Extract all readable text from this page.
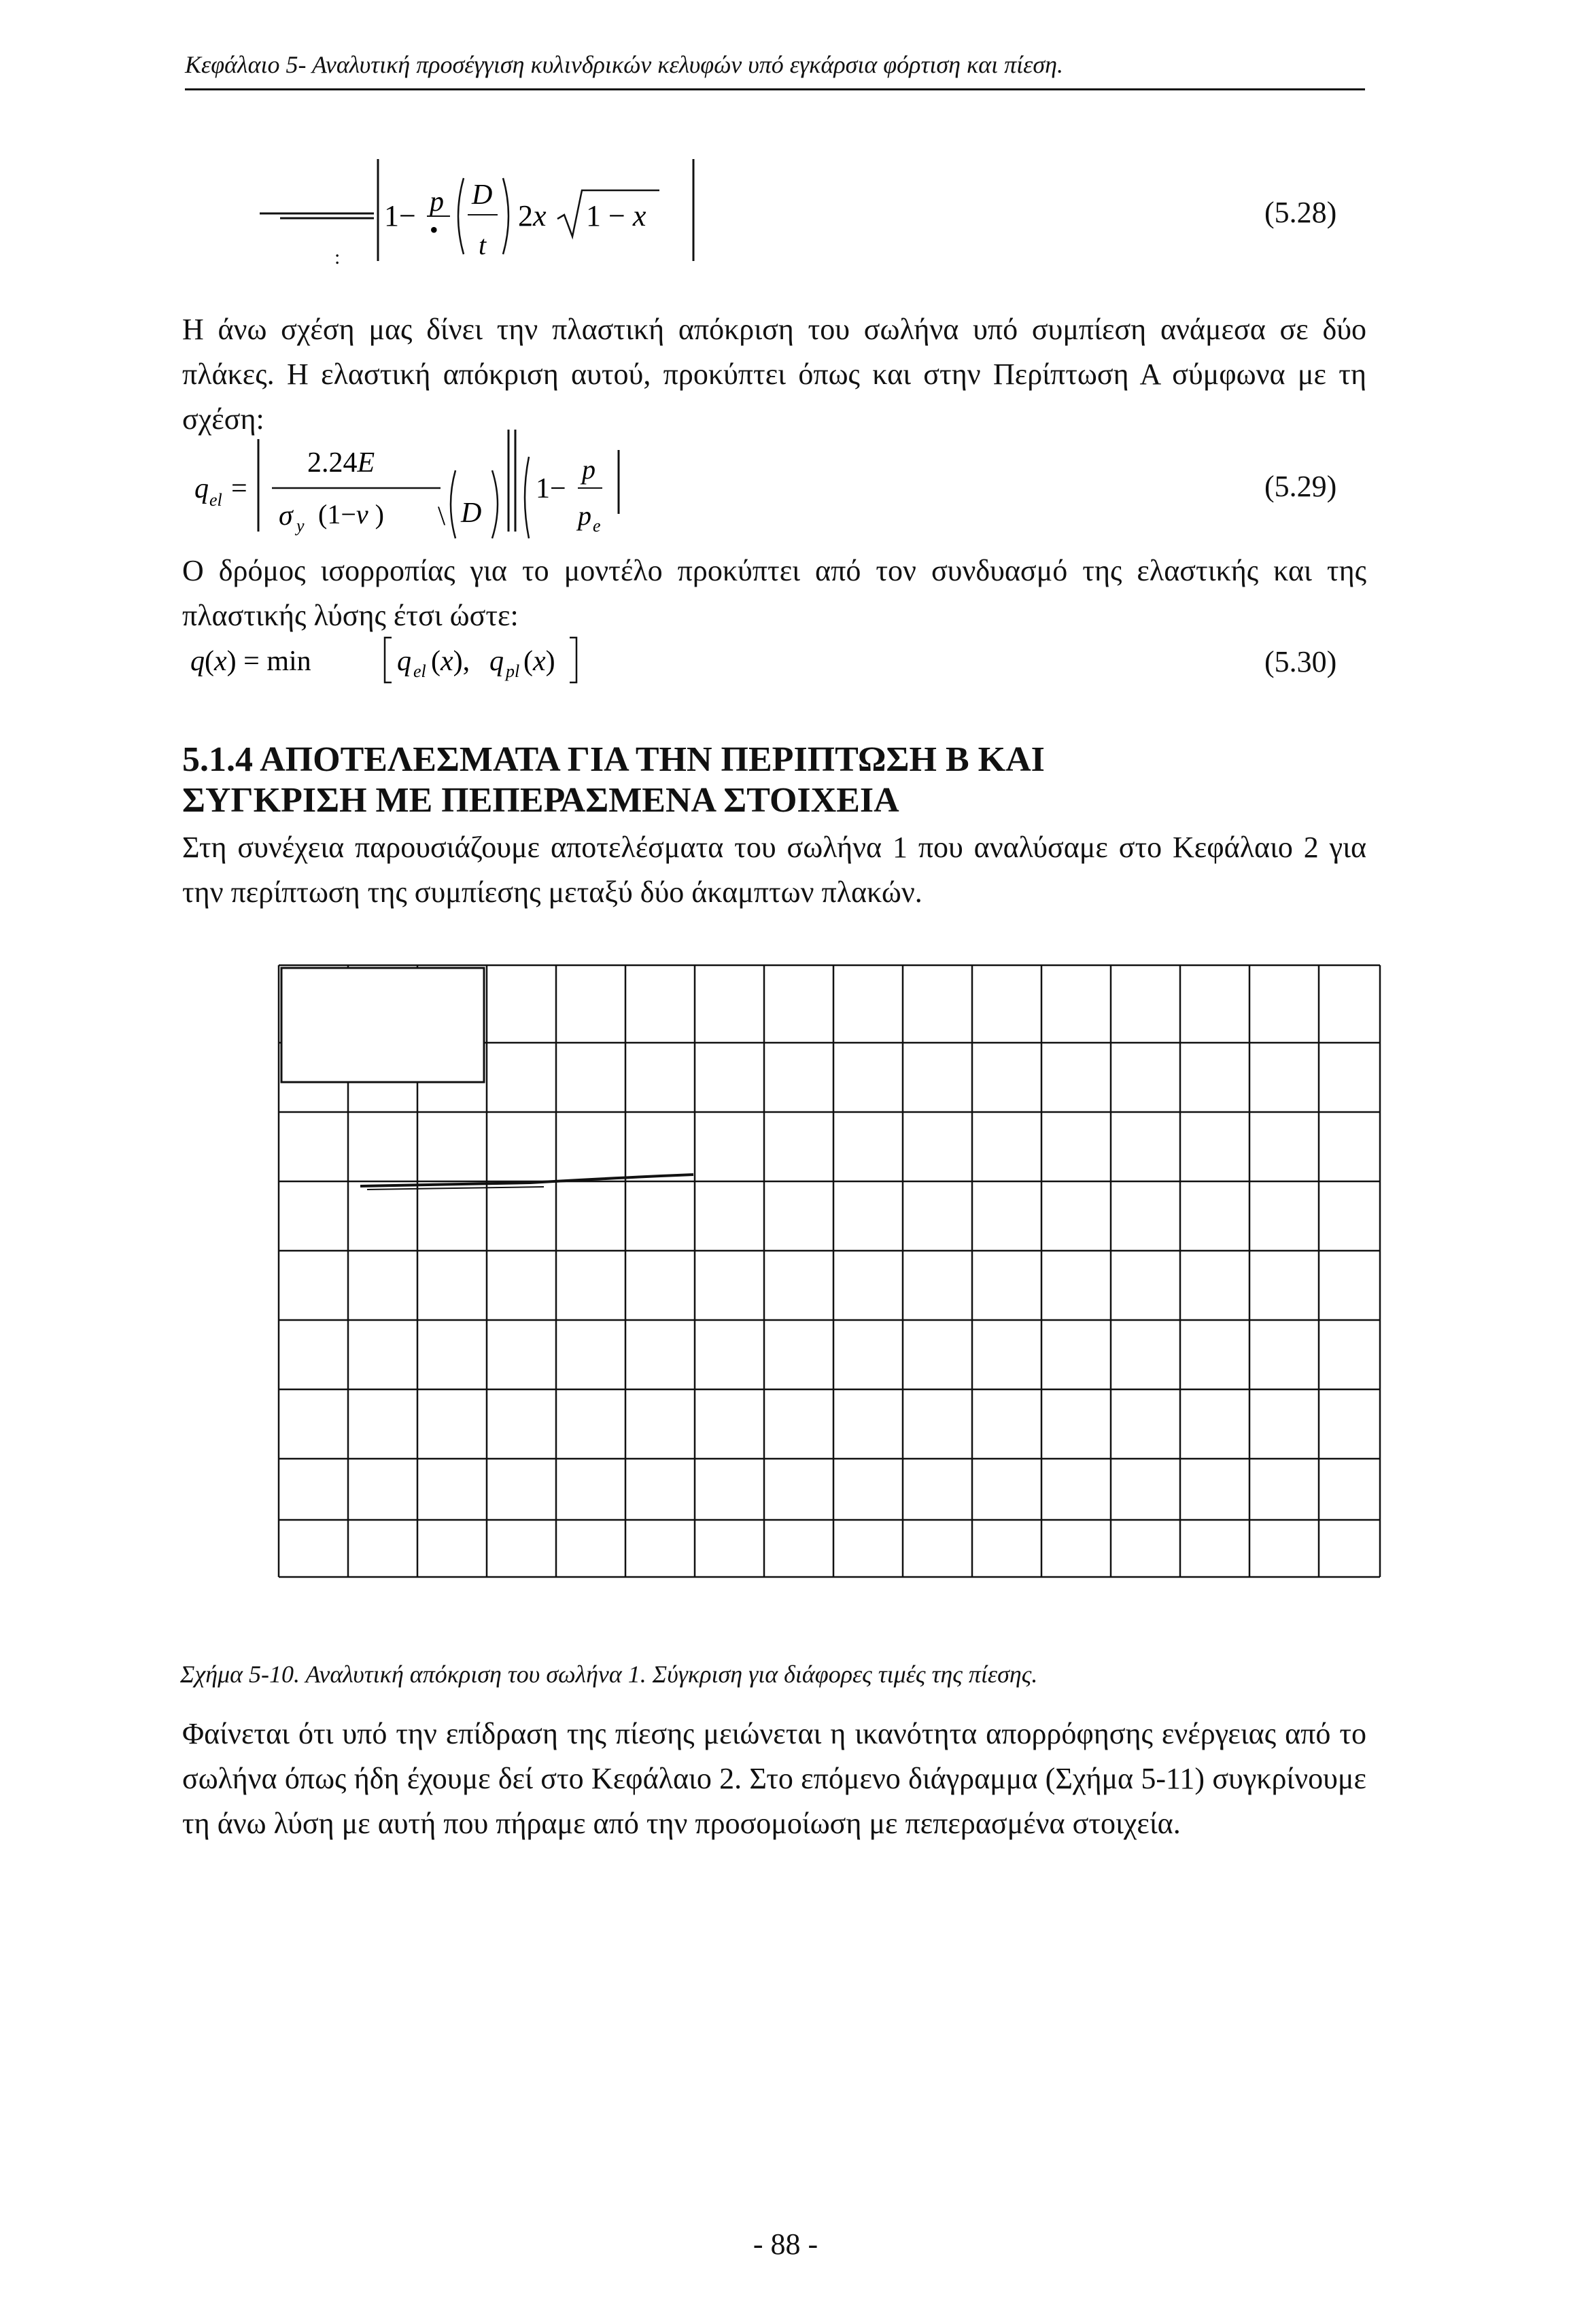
Κεφάλαιο 5- Αναλυτική προσέγγιση κυλινδρικών κελυφών υπό εγκάρσια φόρτιση και πίεση.
1− p
•
D
t
2x 1 − x
:
(5.28)
Η άνω σχέση μας δίνει την πλαστική απόκριση του σωλήνα υπό συμπίεση ανάμεσα σε δύο πλάκες. Η ελαστική απόκριση αυτού, προκύπτει όπως και στην Περίπτωση Α σύμφωνα με τη σχέση:
q el =
2.24E
σ y (1−ν ) \ D
1−
p
p e
(5.29)
Ο δρόμος ισορροπίας για το μοντέλο προκύπτει από τον συνδυασμό της ελαστικής και της πλαστικής λύσης έτσι ώστε:
q(x) = min	q el (x), q pl (x)	(5.30)
5.1.4 ΑΠΟΤΕΛΕΣΜΑΤΑ ΓΙΑ ΤΗΝ ΠΕΡΙΠΤΩΣΗ Β ΚΑΙ
ΣΥΓΚΡΙΣΗ ΜΕ ΠΕΠΕΡΑΣΜΕΝΑ ΣΤΟΙΧΕΙΑ
Στη συνέχεια παρουσιάζουμε αποτελέσματα του σωλήνα 1 που αναλύσαμε στο Κεφάλαιο 2 για την περίπτωση της συμπίεσης μεταξύ δύο άκαμπτων πλακών.
Σχήμα 5-10. Αναλυτική απόκριση του σωλήνα 1. Σύγκριση για διάφορες τιμές της πίεσης.
Φαίνεται ότι υπό την επίδραση της πίεσης μειώνεται η ικανότητα απορρόφησης ενέργειας από το σωλήνα όπως ήδη έχουμε δεί στο Κεφάλαιο 2. Στο επόμενο διάγραμμα (Σχήμα 5-11) συγκρίνουμε τη άνω λύση με αυτή που πήραμε από την προσομοίωση με πεπερασμένα στοιχεία.
- 88 -
